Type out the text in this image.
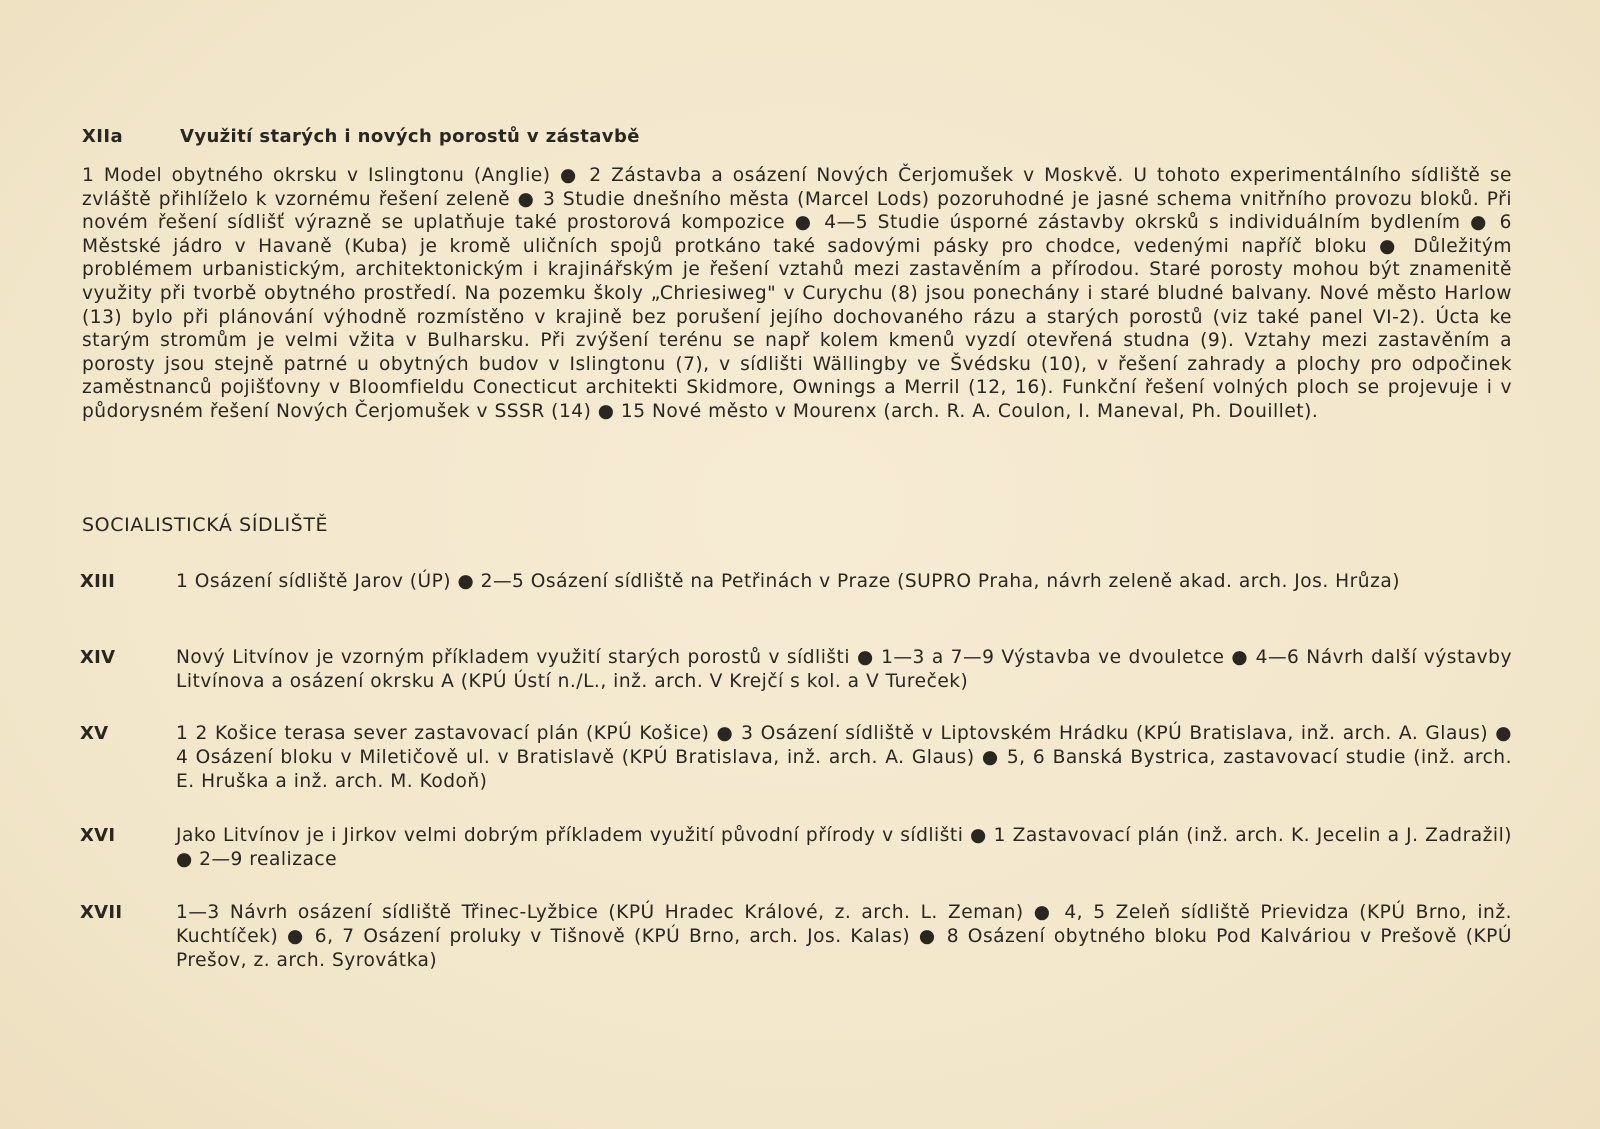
XIIa	Využití starých i nových porostů v zástavbě
1 Model obytného okrsku v Islingtonu (Anglie) ● 2 Zástavba a osázení Nových Čerjomušek v Moskvě. U tohoto experimentálního sídliště se zvláště přihlíželo k vzornému řešení zeleně ● 3 Studie dnešního města (Marcel Lods) pozoruhodné je jasné schema vnitřního provozu bloků. Při novém řešení sídlišť výrazně se uplatňuje také prostorová kompozice ● 4—5 Studie úsporné zástavby okrsků s individuálním bydlením ● 6 Městské jádro v Havaně (Kuba) je kromě uličních spojů protkáno také sadovými pásky pro chodce, vedenými napříč bloku ● Důležitým problémem urbanistickým, architektonickým i krajinářským je řešení vztahů mezi zastavěním a přírodou. Staré porosty mohou být znamenitě využity při tvorbě obytného prostředí. Na pozemku školy „Chriesiweg" v Curychu (8) jsou ponechány i staré bludné balvany. Nové město Harlow (13) bylo při plánování výhodně rozmístěno v krajině bez porušení jejího dochovaného rázu a starých porostů (viz také panel VI-2). Úcta ke starým stromům je velmi vžita v Bulharsku. Při zvýšení terénu se např kolem kmenů vyzdí otevřená studna (9). Vztahy mezi zastavěním a porosty jsou stejně patrné u obytných budov v Islingtonu (7), v sídlišti Wällingby ve Švédsku (10), v řešení zahrady a plochy pro odpočinek zaměstnanců pojišťovny v Bloomfieldu Conecticut architekti Skidmore, Ownings a Merril (12, 16). Funkční řešení volných ploch se projevuje i v půdorysném řešení Nových Čerjomušek v SSSR (14) ● 15 Nové město v Mourenx (arch. R. A. Coulon, I. Maneval, Ph. Douillet).
SOCIALISTICKÁ SÍDLIŠTĚ
XIII	1 Osázení sídliště Jarov (ÚP) ● 2—5 Osázení sídliště na Petřinách v Praze (SUPRO Praha, návrh zeleně akad. arch. Jos. Hrůza)
XIV	Nový Litvínov je vzorným příkladem využití starých porostů v sídlišti ● 1—3 a 7—9 Výstavba ve dvouletce ● 4—6 Návrh další výstavby Litvínova a osázení okrsku A (KPÚ Ústí n./L., inž. arch. V Krejčí s kol. a V Tureček)
XV	1 2 Košice terasa sever zastavovací plán (KPÚ Košice) ● 3 Osázení sídliště v Liptovském Hrádku (KPÚ Bratislava, inž. arch. A. Glaus) ● 4 Osázení bloku v Miletičově ul. v Bratislavě (KPÚ Bratislava, inž. arch. A. Glaus) ● 5, 6 Banská Bystrica, zastavovací studie (inž. arch. E. Hruška a inž. arch. M. Kodoň)
XVI	Jako Litvínov je i Jirkov velmi dobrým příkladem využití původní přírody v sídlišti ● 1 Zastavovací plán (inž. arch. K. Jecelin a J. Zadražil) ● 2—9 realizace
XVII	1—3 Návrh osázení sídliště Třinec-Lyžbice (KPÚ Hradec Králové, z. arch. L. Zeman) ● 4, 5 Zeleň sídliště Prievidza (KPÚ Brno, inž. Kuchtíček) ● 6, 7 Osázení proluky v Tišnově (KPÚ Brno, arch. Jos. Kalas) ● 8 Osázení obytného bloku Pod Kalváriou v Prešově (KPÚ Prešov, z. arch. Syrovátka)
